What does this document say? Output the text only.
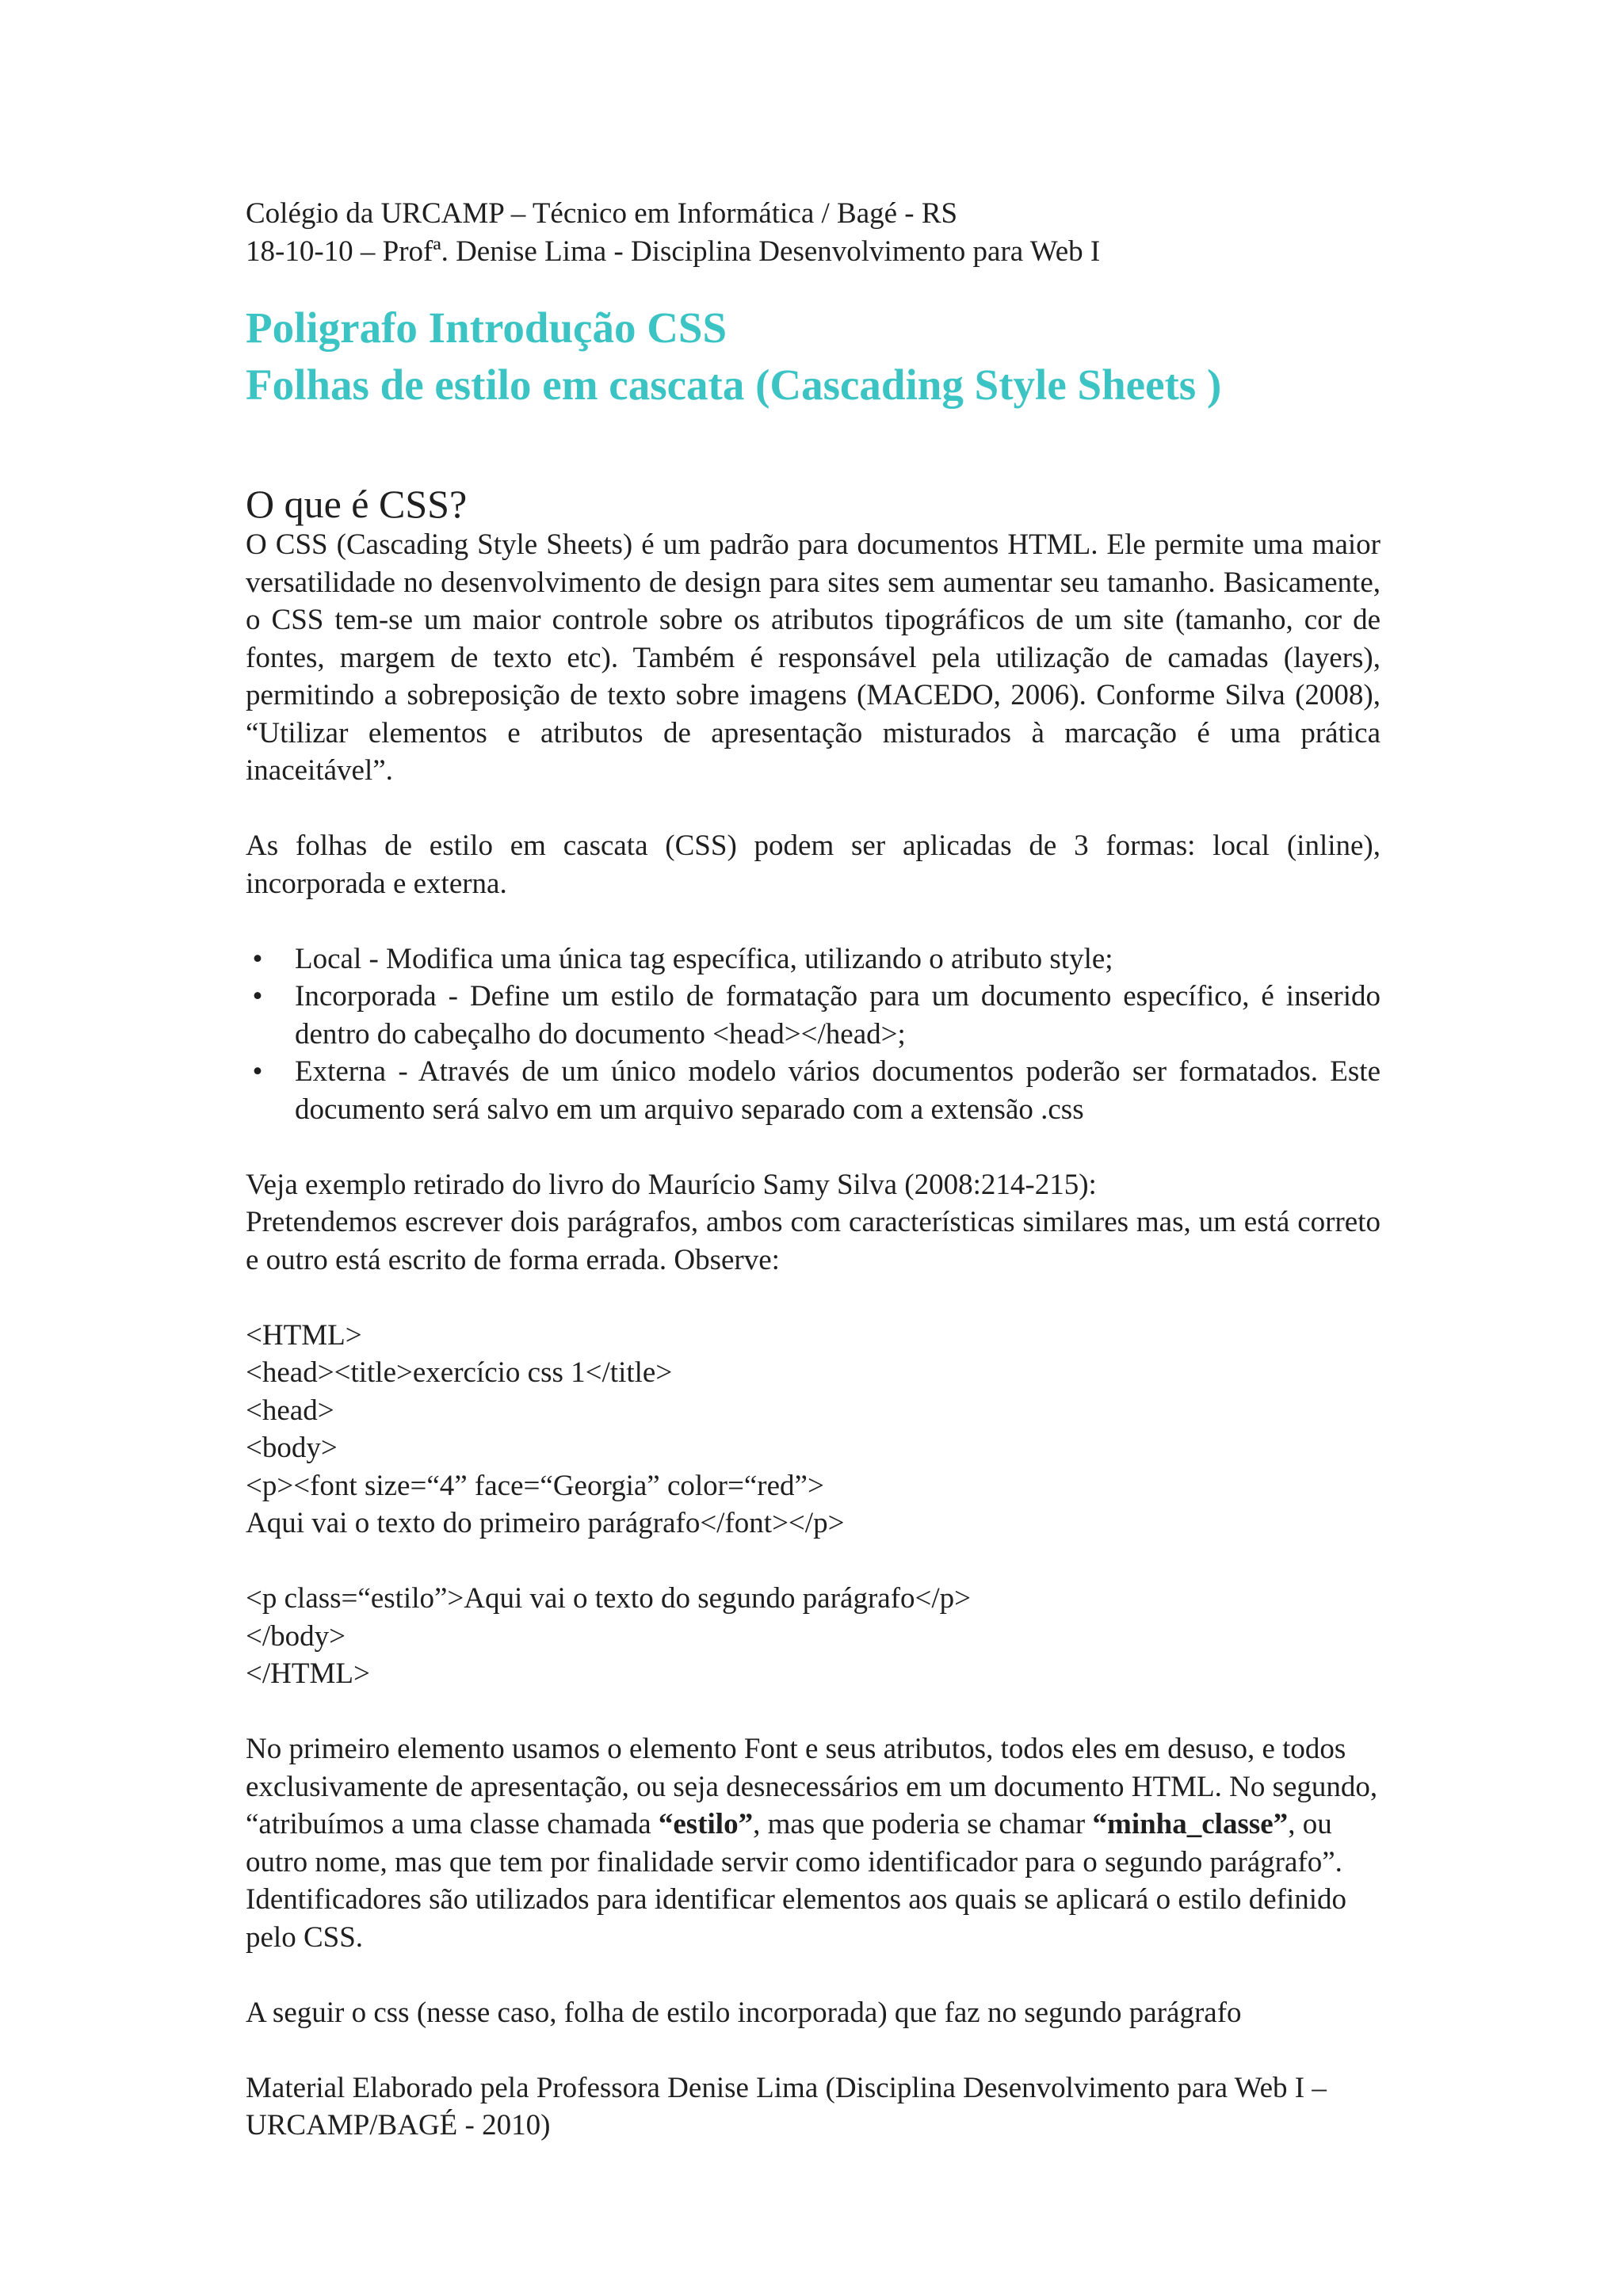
Colégio da URCAMP – Técnico em Informática / Bagé - RS

18-10-10 – Profª. Denise Lima - Disciplina Desenvolvimento para Web I

Poligrafo Introdução CSS

Folhas de estilo em cascata (Cascading Style Sheets )

O que é CSS?

O CSS (Cascading Style Sheets) é um padrão para documentos HTML. Ele permite uma maior versatilidade no desenvolvimento de design para sites sem aumentar seu tamanho. Basicamente, o CSS tem-se um maior controle sobre os atributos tipográficos de um site (tamanho, cor de fontes, margem de texto etc). Também é responsável pela utilização de camadas (layers), permitindo a sobreposição de texto sobre imagens (MACEDO, 2006). Conforme Silva (2008), “Utilizar elementos e atributos de apresentação misturados à marcação é uma prática inaceitável”.

As folhas de estilo em cascata (CSS) podem ser aplicadas de 3 formas: local (inline), incorporada e externa.

• Local - Modifica uma única tag específica, utilizando o atributo style;
• Incorporada - Define um estilo de formatação para um documento específico, é inserido dentro do cabeçalho do documento <head></head>;
• Externa - Através de um único modelo vários documentos poderão ser formatados. Este documento será salvo em um arquivo separado com a extensão .css

Veja exemplo retirado do livro do Maurício Samy Silva (2008:214-215):

Pretendemos escrever dois parágrafos, ambos com características similares mas, um está correto e outro está escrito de forma errada. Observe:

<HTML>

<head><title>exercício css 1</title>

<head>

<body>

<p><font size=“4” face=“Georgia” color=“red”>

Aqui vai o texto do primeiro parágrafo</font></p>

<p class=“estilo”>Aqui vai o texto do segundo parágrafo</p>

</body>

</HTML>

No primeiro elemento usamos o elemento Font e seus atributos, todos eles em desuso, e todos exclusivamente de apresentação, ou seja desnecessários em um documento HTML. No segundo, “atribuímos a uma classe chamada “estilo”, mas que poderia se chamar “minha_classe”, ou outro nome, mas que tem por finalidade servir como identificador para o segundo parágrafo”. Identificadores são utilizados para identificar elementos aos quais se aplicará o estilo definido pelo CSS.

A seguir o css (nesse caso, folha de estilo incorporada) que faz no segundo parágrafo

Material Elaborado pela Professora Denise Lima (Disciplina Desenvolvimento para Web I – URCAMP/BAGÉ - 2010)
